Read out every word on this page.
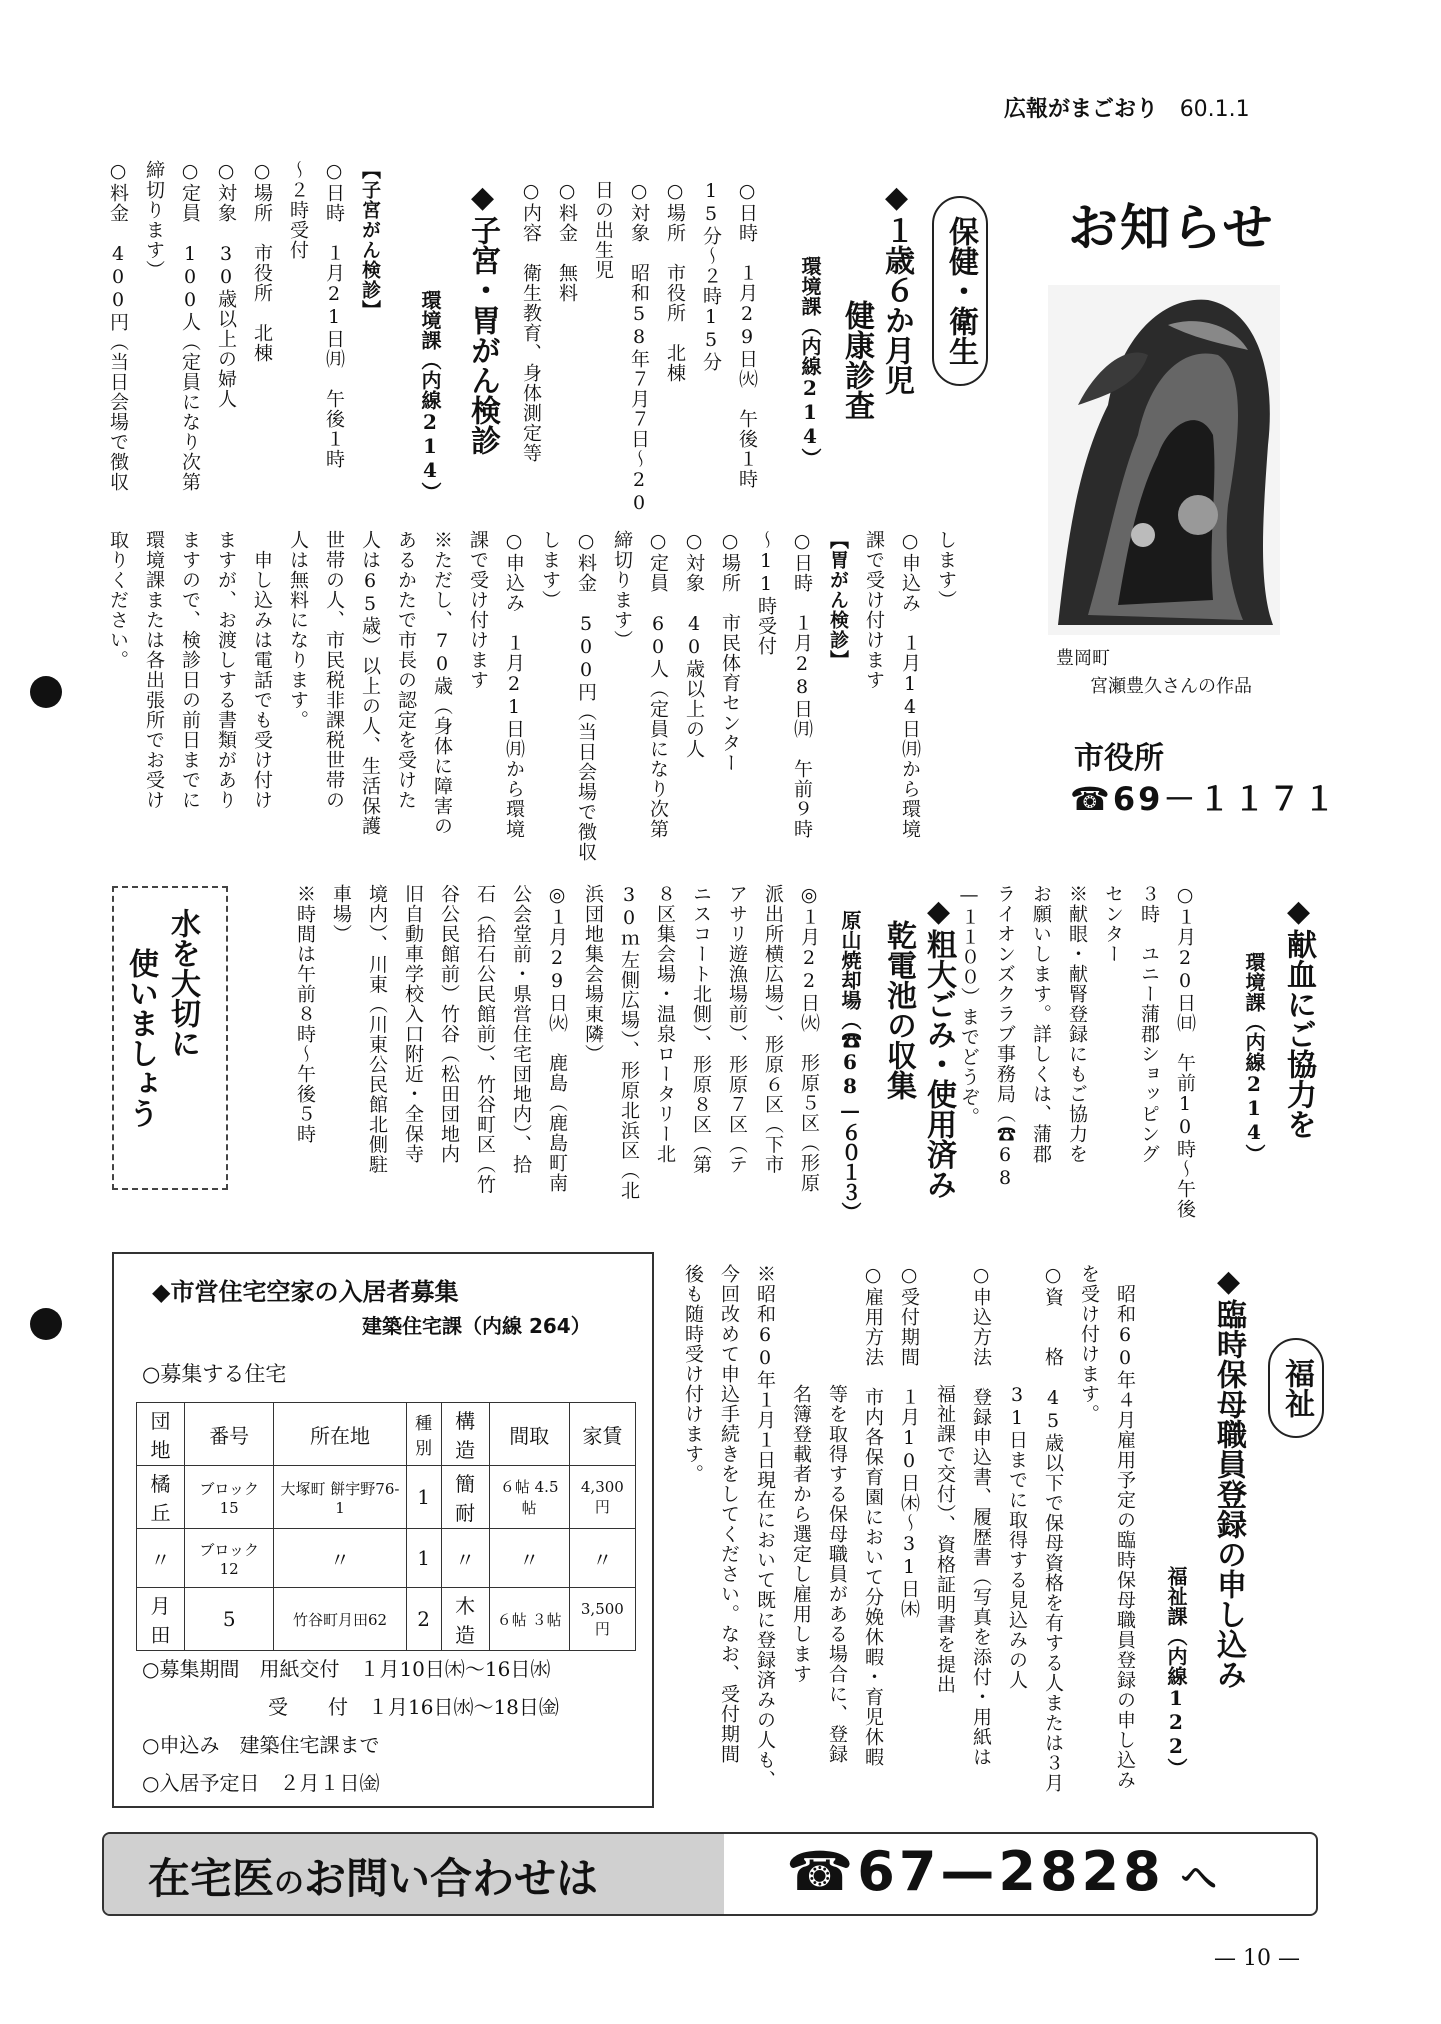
広報がまごおり 60.1.1
お知らせ
豊岡町
宮瀬豊久さんの作品
市役所
☎69－１１７１
保健・衛生
◆１歳６か月児
健康診査
環境課（内線214）
○日時　１月29日㈫　午後１時
15分～２時15分
○場所　市役所　北棟
○対象　昭和58年７月７日～20
日の出生児
○料金　無料
○内容　衛生教育、身体測定等
◆子宮・胃がん検診
環境課（内線214）
【子宮がん検診】
○日時　１月21日㈪　午後１時
～２時受付
○場所　市役所　北棟
○対象　30歳以上の婦人
○定員　100人（定員になり次第
締切ります）
○料金　400円（当日会場で徴収
します）
○申込み　１月14日㈪から環境
課で受け付けます
【胃がん検診】
○日時　１月28日㈪　午前９時
～11時受付
○場所　市民体育センター
○対象　40歳以上の人
○定員　60人（定員になり次第
締切ります）
○料金　500円（当日会場で徴収
します）
○申込み　１月21日㈪から環境
課で受け付けます
※ただし、70歳（身体に障害の
あるかたで市長の認定を受けた
人は65歳）以上の人、生活保護
世帯の人、市民税非課税世帯の
人は無料になります。
　申し込みは電話でも受け付け
ますが、お渡しする書類があり
ますので、検診日の前日までに
環境課または各出張所でお受け
取りください。
水を大切に
使いましょう	◆献血にご協力を
環境課（内線214）
○１月20日㈰　午前10時～午後
３時　ユニー蒲郡ショッピング
センター
※献眼・献腎登録にもご協力を
お願いします。詳しくは、蒲郡
ライオンズクラブ事務局（☎68
—１１００）までどうぞ。
◆粗大ごみ・使用済み
乾電池の収集
原山焼却場（☎68—６０１３）
◎１月22日㈫　形原５区（形原
派出所横広場）、形原６区（下市
アサリ遊漁場前）、形原７区（テ
ニスコート北側）、形原８区（第
８区集会場・温泉ロータリー北
30ｍ左側広場）、形原北浜区（北
浜団地集会場東隣）
◎１月29日㈫　鹿島（鹿島町南
公会堂前・県営住宅団地内）、拾
石（拾石公民館前）、竹谷町区（竹
谷公民館前）竹谷（松田団地内
旧自動車学校入口附近・全保寺
境内）、川東（川東公民館北側駐
車場）
※時間は午前８時～午後５時
福祉
◆臨時保母職員登録の申し込み
福祉課（内線122）
　昭和60年４月雇用予定の臨時保母職員登録の申し込み
を受け付けます。
○資　　格　45歳以下で保母資格を有する人または３月
　　　　　　31日までに取得する見込みの人
○申込方法　登録申込書、履歴書（写真を添付・用紙は
　　　　　　福祉課で交付）、資格証明書を提出
○受付期間　１月10日㈭～31日㈭
○雇用方法　市内各保育園において分娩休暇・育児休暇
　　　　　　等を取得する保母職員がある場合に、登録
　　　　　　名簿登載者から選定し雇用します
※昭和60年１月１日現在において既に登録済みの人も、
今回改めて申込手続きをしてください。なお、受付期間
後も随時受け付けます。
◆市営住宅空家の入居者募集
建築住宅課（内線 264）
○募集する住宅
団地	番号	所在地	種別	構造	間取	家賃
橘丘	ブロック 15	大塚町 餅宇野76-1	1	簡耐	６帖 4.5帖	4,300円
〃	ブロック 12	〃	1	〃	〃	〃
月田	5	竹谷町月田62	2	木造	６帖 ３帖	3,500円
○募集期間　 用紙交付　１月10日㈭～16日㈬
受　　付　１月16日㈬～18日㈮
○申込み　建築住宅課まで
○入居予定日　２月１日㈮
在宅医のお問い合わせは	☎67—2828 へ
— 10 —
